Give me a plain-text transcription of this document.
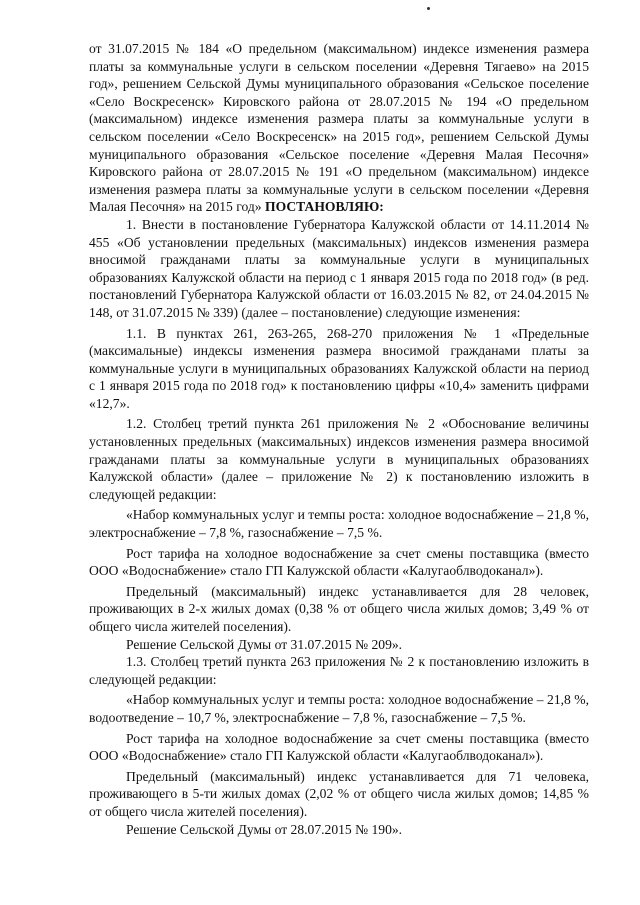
от 31.07.2015 № 184 «О предельном (максимальном) индексе изменения размера платы за коммунальные услуги в сельском поселении «Деревня Тягаево» на 2015 год», решением Сельской Думы муниципального образования «Сельское поселение «Село Воскресенск» Кировского района от 28.07.2015 № 194 «О предельном (максимальном) индексе изменения размера платы за коммунальные услуги в сельском поселении «Село Воскресенск» на 2015 год», решением Сельской Думы муниципального образования «Сельское поселение «Деревня Малая Песочня» Кировского района от 28.07.2015 № 191 «О предельном (максимальном) индексе изменения размера платы за коммунальные услуги в сельском поселении «Деревня Малая Песочня» на 2015 год» ПОСТАНОВЛЯЮ:

1. Внести в постановление Губернатора Калужской области от 14.11.2014 № 455 «Об установлении предельных (максимальных) индексов изменения размера вносимой гражданами платы за коммунальные услуги в муниципальных образованиях Калужской области на период с 1 января 2015 года по 2018 год» (в ред. постановлений Губернатора Калужской области от 16.03.2015 № 82, от 24.04.2015 № 148, от 31.07.2015 № 339) (далее – постановление) следующие изменения:

1.1. В пунктах 261, 263-265, 268-270 приложения № 1 «Предельные (максимальные) индексы изменения размера вносимой гражданами платы за коммунальные услуги в муниципальных образованиях Калужской области на период с 1 января 2015 года по 2018 год» к постановлению цифры «10,4» заменить цифрами «12,7».

1.2. Столбец третий пункта 261 приложения № 2 «Обоснование величины установленных предельных (максимальных) индексов изменения размера вносимой гражданами платы за коммунальные услуги в муниципальных образованиях Калужской области» (далее – приложение № 2) к постановлению изложить в следующей редакции:

«Набор коммунальных услуг и темпы роста: холодное водоснабжение – 21,8 %, электроснабжение – 7,8 %, газоснабжение – 7,5 %.

Рост тарифа на холодное водоснабжение за счет смены поставщика (вместо ООО «Водоснабжение» стало ГП Калужской области «Калугаоблводоканал»).

Предельный (максимальный) индекс устанавливается для 28 человек, проживающих в 2-х жилых домах (0,38 % от общего числа жилых домов; 3,49 % от общего числа жителей поселения).

Решение Сельской Думы от 31.07.2015 № 209».

1.3. Столбец третий пункта 263 приложения № 2 к постановлению изложить в следующей редакции:

«Набор коммунальных услуг и темпы роста: холодное водоснабжение – 21,8 %, водоотведение – 10,7 %, электроснабжение – 7,8 %, газоснабжение – 7,5 %.

Рост тарифа на холодное водоснабжение за счет смены поставщика (вместо ООО «Водоснабжение» стало ГП Калужской области «Калугаоблводоканал»).

Предельный (максимальный) индекс устанавливается для 71 человека, проживающего в 5-ти жилых домах (2,02 % от общего числа жилых домов; 14,85 % от общего числа жителей поселения).

Решение Сельской Думы от 28.07.2015 № 190».
